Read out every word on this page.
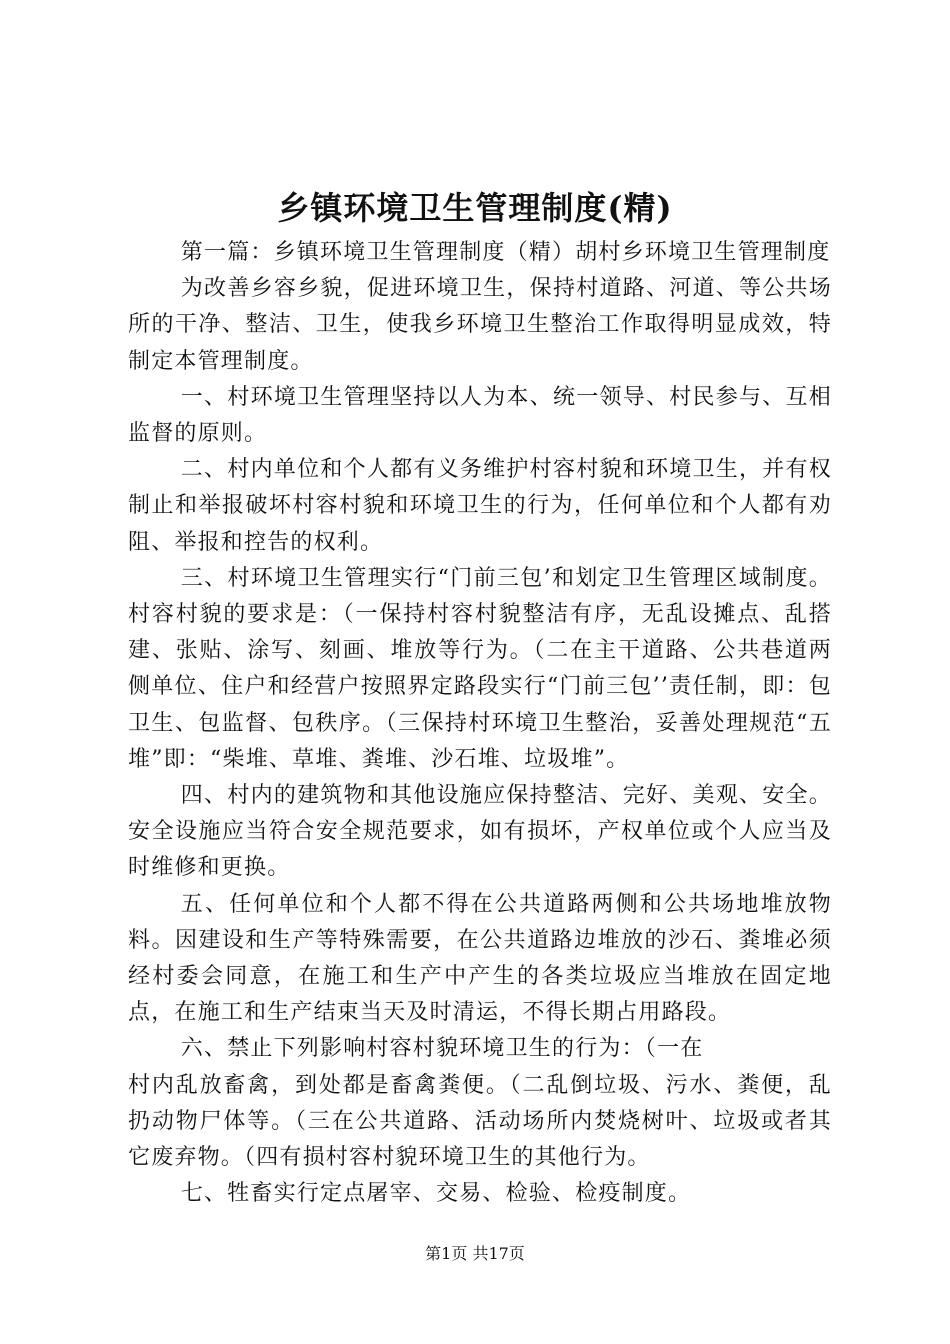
乡镇环境卫生管理制度(精)

第一篇：乡镇环境卫生管理制度（精）胡村乡环境卫生管理制度

为改善乡容乡貌，促进环境卫生，保持村道路、河道、等公共场所的干净、整洁、卫生，使我乡环境卫生整治工作取得明显成效，特制定本管理制度。

一、村环境卫生管理坚持以人为本、统一领导、村民参与、互相监督的原则。

二、村内单位和个人都有义务维护村容村貌和环境卫生，并有权制止和举报破坏村容村貌和环境卫生的行为，任何单位和个人都有劝阻、举报和控告的权利。

三、村环境卫生管理实行“门前三包’和划定卫生管理区域制度。村容村貌的要求是：（一保持村容村貌整洁有序，无乱设摊点、乱搭建、张贴、涂写、刻画、堆放等行为。（二在主干道路、公共巷道两侧单位、住户和经营户按照界定路段实行“门前三包’’责任制，即：包卫生、包监督、包秩序。（三保持村环境卫生整治，妥善处理规范“五堆”即：“柴堆、草堆、粪堆、沙石堆、垃圾堆”。

四、村内的建筑物和其他设施应保持整洁、完好、美观、安全。安全设施应当符合安全规范要求，如有损坏，产权单位或个人应当及时维修和更换。

五、任何单位和个人都不得在公共道路两侧和公共场地堆放物料。因建设和生产等特殊需要，在公共道路边堆放的沙石、粪堆必须经村委会同意，在施工和生产中产生的各类垃圾应当堆放在固定地点，在施工和生产结束当天及时清运，不得长期占用路段。

六、禁止下列影响村容村貌环境卫生的行为：（一在

村内乱放畜禽，到处都是畜禽粪便。（二乱倒垃圾、污水、粪便，乱扔动物尸体等。（三在公共道路、活动场所内焚烧树叶、垃圾或者其它废弃物。（四有损村容村貌环境卫生的其他行为。

七、牲畜实行定点屠宰、交易、检验、检疫制度。

第1页 共17页
